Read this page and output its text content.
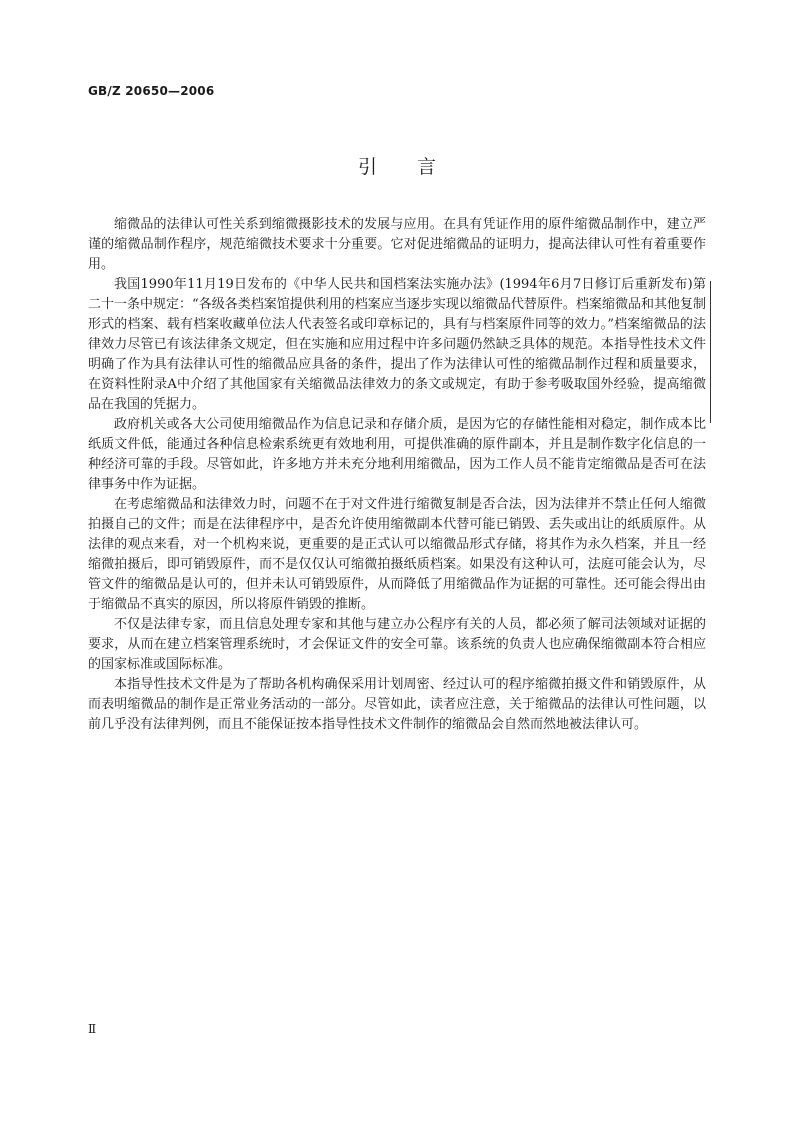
GB/Z 20650—2006
引言

缩微品的法律认可性关系到缩微摄影技术的发展与应用。在具有凭证作用的原件缩微品制作中，建立严谨的缩微品制作程序，规范缩微技术要求十分重要。它对促进缩微品的证明力，提高法律认可性有着重要作用。

我国1990年11月19日发布的《中华人民共和国档案法实施办法》(1994年6月7日修订后重新发布)第二十一条中规定：“各级各类档案馆提供利用的档案应当逐步实现以缩微品代替原件。档案缩微品和其他复制形式的档案、载有档案收藏单位法人代表签名或印章标记的，具有与档案原件同等的效力。”档案缩微品的法律效力尽管已有该法律条文规定，但在实施和应用过程中许多问题仍然缺乏具体的规范。本指导性技术文件明确了作为具有法律认可性的缩微品应具备的条件，提出了作为法律认可性的缩微品制作过程和质量要求，在资料性附录A中介绍了其他国家有关缩微品法律效力的条文或规定，有助于参考吸取国外经验，提高缩微品在我国的凭据力。

政府机关或各大公司使用缩微品作为信息记录和存储介质，是因为它的存储性能相对稳定，制作成本比纸质文件低，能通过各种信息检索系统更有效地利用，可提供准确的原件副本，并且是制作数字化信息的一种经济可靠的手段。尽管如此，许多地方并未充分地利用缩微品，因为工作人员不能肯定缩微品是否可在法律事务中作为证据。

在考虑缩微品和法律效力时，问题不在于对文件进行缩微复制是否合法，因为法律并不禁止任何人缩微拍摄自己的文件；而是在法律程序中，是否允许使用缩微副本代替可能已销毁、丢失或出让的纸质原件。从法律的观点来看，对一个机构来说，更重要的是正式认可以缩微品形式存储，将其作为永久档案，并且一经缩微拍摄后，即可销毁原件，而不是仅仅认可缩微拍摄纸质档案。如果没有这种认可，法庭可能会认为，尽管文件的缩微品是认可的，但并未认可销毁原件，从而降低了用缩微品作为证据的可靠性。还可能会得出由于缩微品不真实的原因，所以将原件销毁的推断。

不仅是法律专家，而且信息处理专家和其他与建立办公程序有关的人员，都必须了解司法领域对证据的要求，从而在建立档案管理系统时，才会保证文件的安全可靠。该系统的负责人也应确保缩微副本符合相应的国家标准或国际标准。

本指导性技术文件是为了帮助各机构确保采用计划周密、经过认可的程序缩微拍摄文件和销毁原件，从而表明缩微品的制作是正常业务活动的一部分。尽管如此，读者应注意，关于缩微品的法律认可性问题，以前几乎没有法律判例，而且不能保证按本指导性技术文件制作的缩微品会自然而然地被法律认可。

Ⅱ
